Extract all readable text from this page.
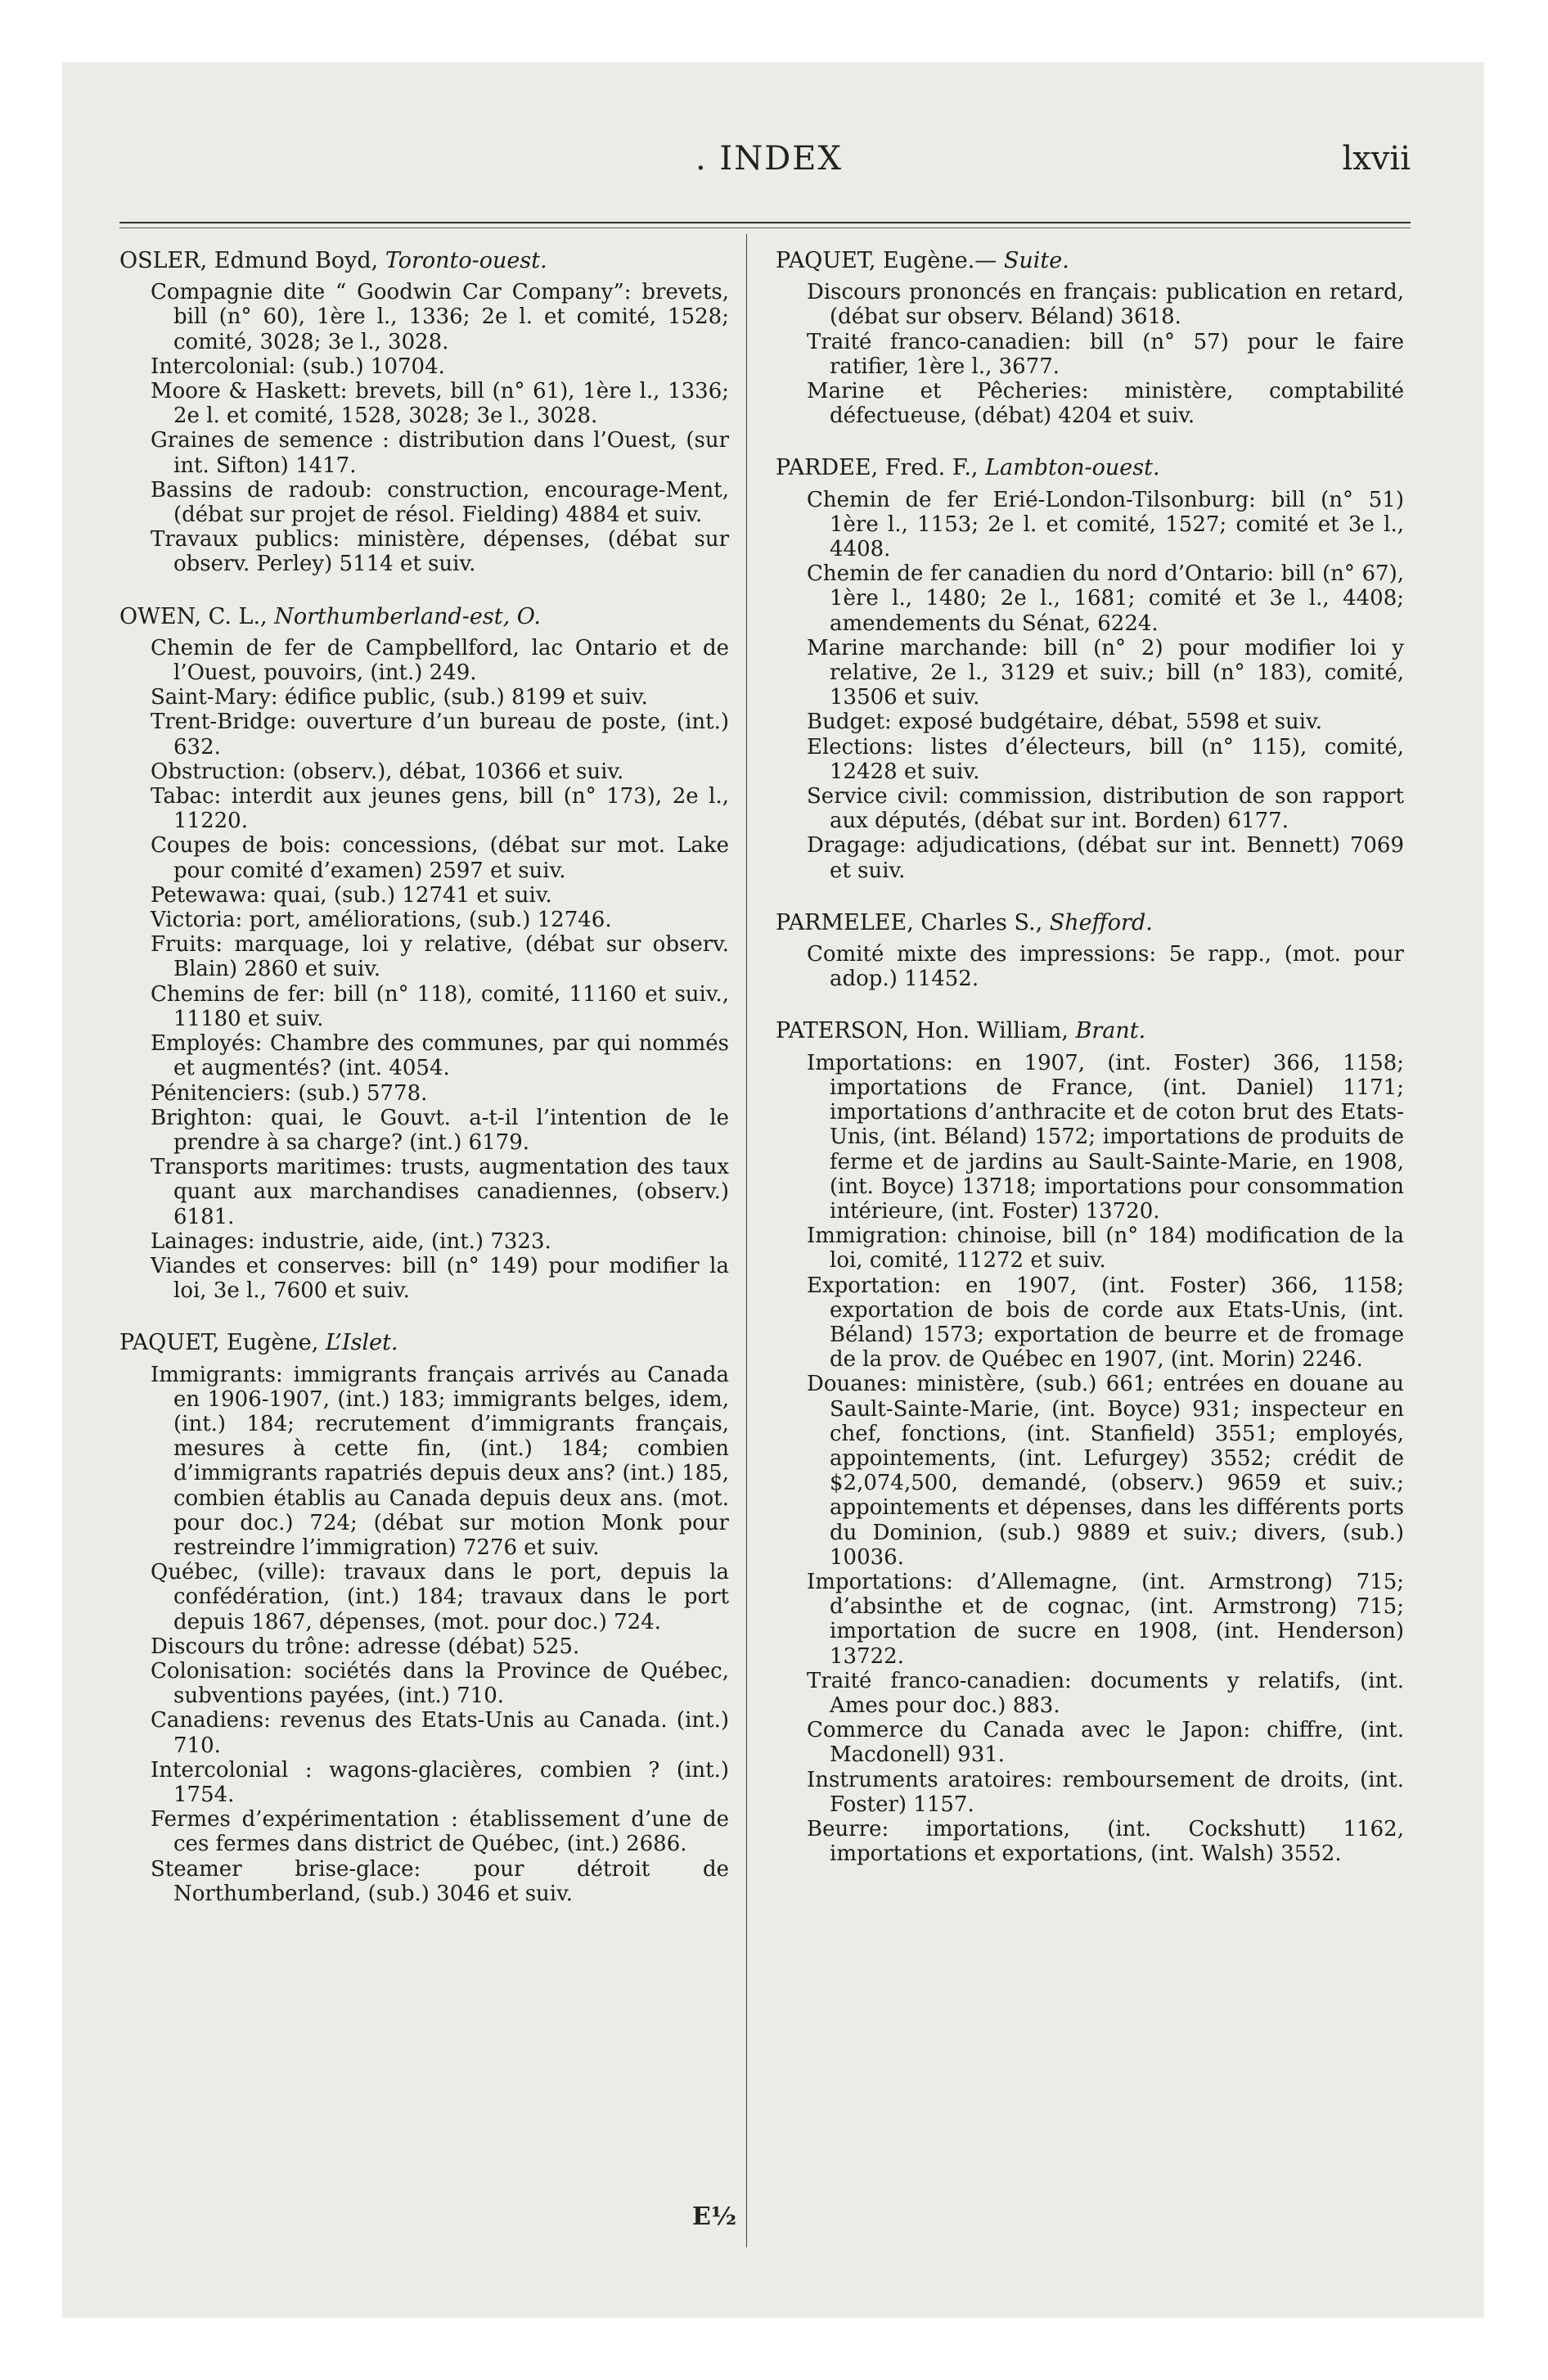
. INDEX	lxvii
OSLER, Edmund Boyd, Toronto-ouest.

Compagnie dite “ Goodwin Car Company”: brevets, bill (n° 60), 1ère l., 1336; 2e l. et comité, 1528; comité, 3028; 3e l., 3028.

Intercolonial: (sub.) 10704.

Moore & Haskett: brevets, bill (n° 61), 1ère l., 1336; 2e l. et comité, 1528, 3028; 3e l., 3028.

Graines de semence : distribution dans l’Ouest, (sur int. Sifton) 1417.

Bassins de radoub: construction, encourage-Ment, (débat sur projet de résol. Fielding) 4884 et suiv.

Travaux publics: ministère, dépenses, (débat sur observ. Perley) 5114 et suiv.

OWEN, C. L., Northumberland-est, O.

Chemin de fer de Campbellford, lac Ontario et de l’Ouest, pouvoirs, (int.) 249.

Saint-Mary: édifice public, (sub.) 8199 et suiv.

Trent-Bridge: ouverture d’un bureau de poste, (int.) 632.

Obstruction: (observ.), débat, 10366 et suiv.

Tabac: interdit aux jeunes gens, bill (n° 173), 2e l., 11220.

Coupes de bois: concessions, (débat sur mot. Lake pour comité d’examen) 2597 et suiv.

Petewawa: quai, (sub.) 12741 et suiv.

Victoria: port, améliorations, (sub.) 12746.

Fruits: marquage, loi y relative, (débat sur observ. Blain) 2860 et suiv.

Chemins de fer: bill (n° 118), comité, 11160 et suiv., 11180 et suiv.

Employés: Chambre des communes, par qui nommés et augmentés? (int. 4054.

Pénitenciers: (sub.) 5778.

Brighton: quai, le Gouvt. a-t-il l’intention de le prendre à sa charge? (int.) 6179.

Transports maritimes: trusts, augmentation des taux quant aux marchandises canadiennes, (observ.) 6181.

Lainages: industrie, aide, (int.) 7323.

Viandes et conserves: bill (n° 149) pour modifier la loi, 3e l., 7600 et suiv.

PAQUET, Eugène, L’Islet.

Immigrants: immigrants français arrivés au Canada en 1906-1907, (int.) 183; immigrants belges, idem, (int.) 184; recrutement d’immigrants français, mesures à cette fin, (int.) 184; combien d’immigrants rapatriés depuis deux ans? (int.) 185, combien établis au Canada depuis deux ans. (mot. pour doc.) 724; (débat sur motion Monk pour restreindre l’immigration) 7276 et suiv.

Québec, (ville): travaux dans le port, depuis la confédération, (int.) 184; travaux dans le port depuis 1867, dépenses, (mot. pour doc.) 724.

Discours du trône: adresse (débat) 525.

Colonisation: sociétés dans la Province de Québec, subventions payées, (int.) 710.

Canadiens: revenus des Etats-Unis au Canada. (int.) 710.

Intercolonial : wagons-glacières, combien ? (int.) 1754.

Fermes d’expérimentation : établissement d’une de ces fermes dans district de Québec, (int.) 2686.

Steamer brise-glace: pour détroit de Northumberland, (sub.) 3046 et suiv.

PAQUET, Eugène.— Suite.

Discours prononcés en français: publication en retard, (débat sur observ. Béland) 3618.

Traité franco-canadien: bill (n° 57) pour le faire ratifier, 1ère l., 3677.

Marine et Pêcheries: ministère, comptabilité défectueuse, (débat) 4204 et suiv.

PARDEE, Fred. F., Lambton-ouest.

Chemin de fer Erié-London-Tilsonburg: bill (n° 51) 1ère l., 1153; 2e l. et comité, 1527; comité et 3e l., 4408.

Chemin de fer canadien du nord d’Ontario: bill (n° 67), 1ère l., 1480; 2e l., 1681; comité et 3e l., 4408; amendements du Sénat, 6224.

Marine marchande: bill (n° 2) pour modifier loi y relative, 2e l., 3129 et suiv.; bill (n° 183), comité, 13506 et suiv.

Budget: exposé budgétaire, débat, 5598 et suiv.

Elections: listes d’électeurs, bill (n° 115), comité, 12428 et suiv.

Service civil: commission, distribution de son rapport aux députés, (débat sur int. Borden) 6177.

Dragage: adjudications, (débat sur int. Bennett) 7069 et suiv.

PARMELEE, Charles S., Shefford.

Comité mixte des impressions: 5e rapp., (mot. pour adop.) 11452.

PATERSON, Hon. William, Brant.

Importations: en 1907, (int. Foster) 366, 1158; importations de France, (int. Daniel) 1171; importations d’anthracite et de coton brut des Etats-Unis, (int. Béland) 1572; importations de produits de ferme et de jardins au Sault-Sainte-Marie, en 1908, (int. Boyce) 13718; importations pour consommation intérieure, (int. Foster) 13720.

Immigration: chinoise, bill (n° 184) modification de la loi, comité, 11272 et suiv.

Exportation: en 1907, (int. Foster) 366, 1158; exportation de bois de corde aux Etats-Unis, (int. Béland) 1573; exportation de beurre et de fromage de la prov. de Québec en 1907, (int. Morin) 2246.

Douanes: ministère, (sub.) 661; entrées en douane au Sault-Sainte-Marie, (int. Boyce) 931; inspecteur en chef, fonctions, (int. Stanfield) 3551; employés, appointements, (int. Lefurgey) 3552; crédit de $2,074,500, demandé, (observ.) 9659 et suiv.; appointements et dépenses, dans les différents ports du Dominion, (sub.) 9889 et suiv.; divers, (sub.) 10036.

Importations: d’Allemagne, (int. Armstrong) 715; d’absinthe et de cognac, (int. Armstrong) 715; importation de sucre en 1908, (int. Henderson) 13722.

Traité franco-canadien: documents y relatifs, (int. Ames pour doc.) 883.

Commerce du Canada avec le Japon: chiffre, (int. Macdonell) 931.

Instruments aratoires: remboursement de droits, (int. Foster) 1157.

Beurre: importations, (int. Cockshutt) 1162, importations et exportations, (int. Walsh) 3552.

E½
